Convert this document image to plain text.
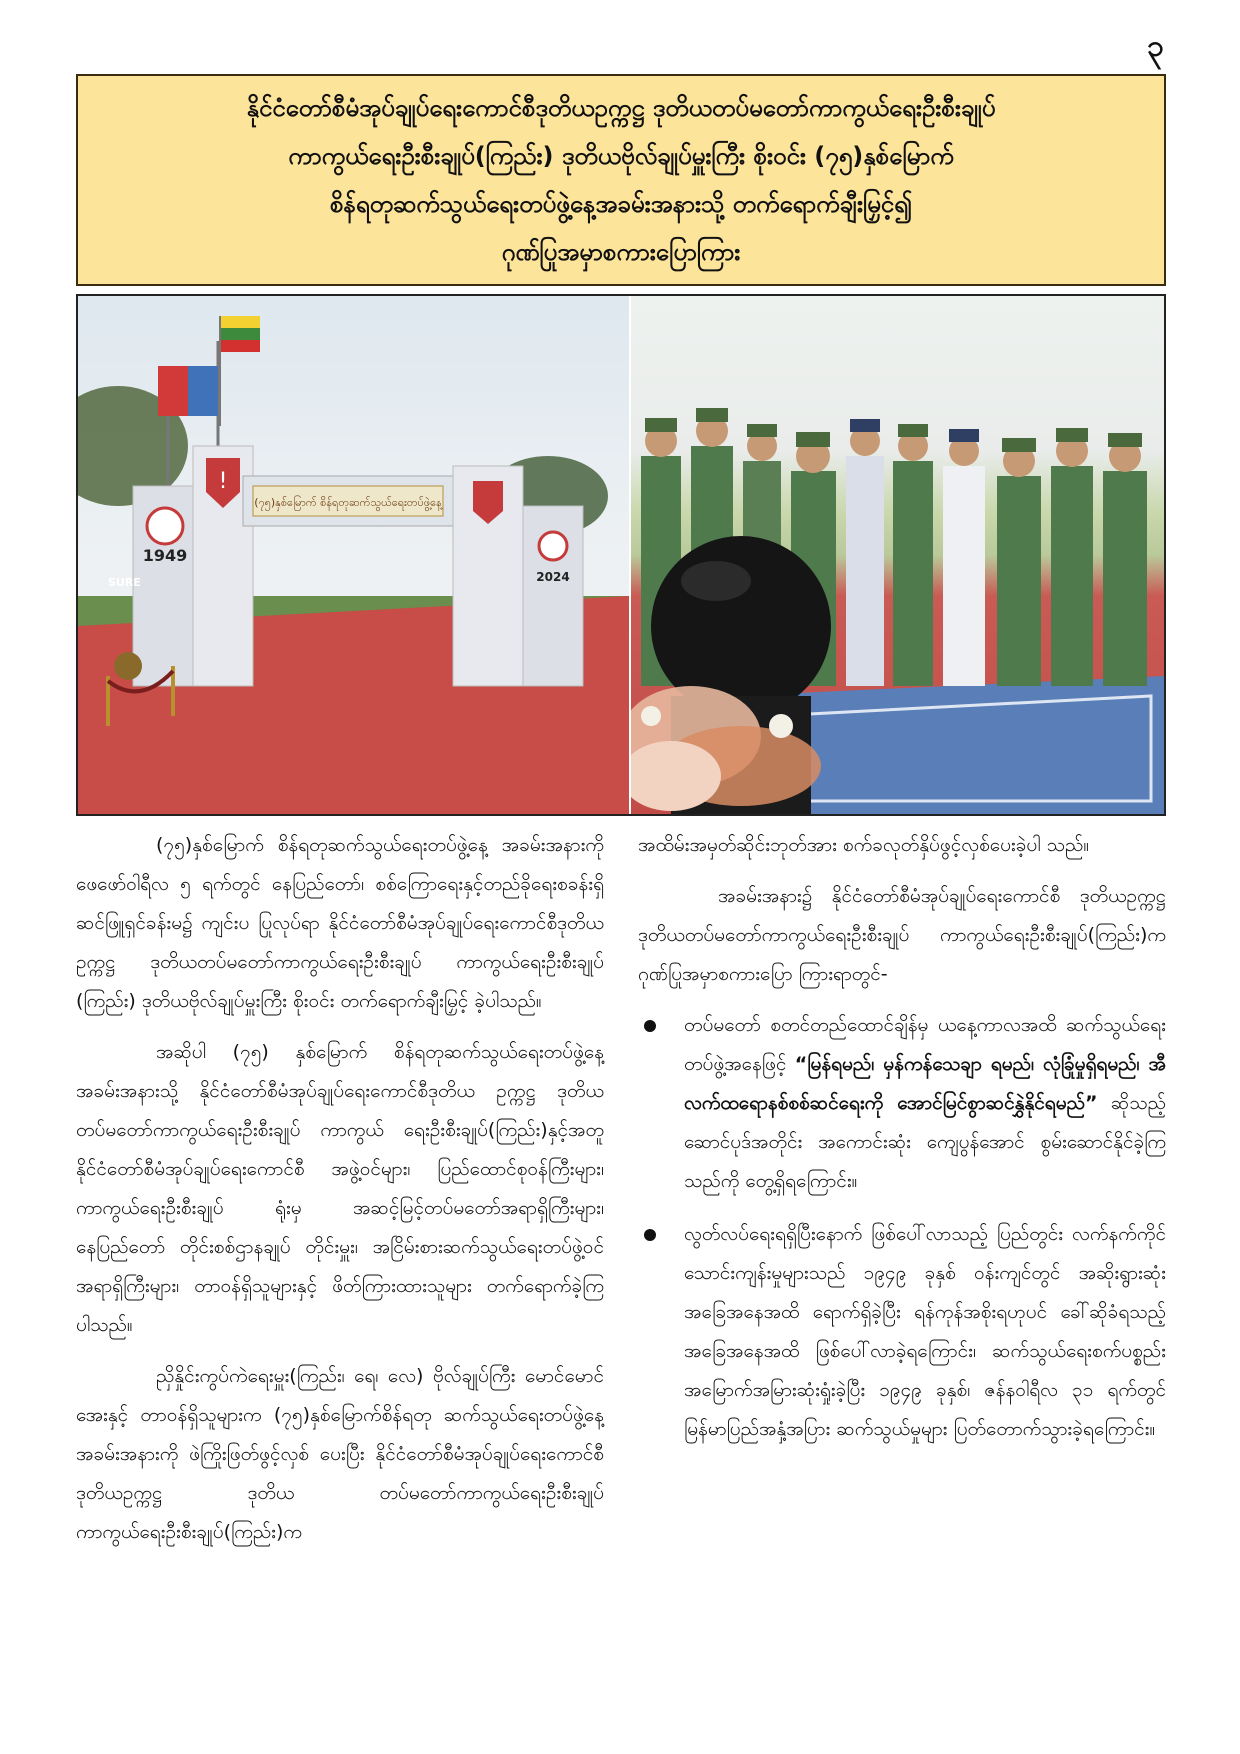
၃
နိုင်ငံတော်စီမံအုပ်ချုပ်ရေးကောင်စီဒုတိယဥက္ကဋ္ဌ ဒုတိယတပ်မတော်ကာကွယ်ရေးဦးစီးချုပ်
ကာကွယ်ရေးဦးစီးချုပ်(ကြည်း) ဒုတိယဗိုလ်ချုပ်မှူးကြီး စိုးဝင်း (၇၅)နှစ်မြောက်
စိန်ရတုဆက်သွယ်ရေးတပ်ဖွဲ့နေ့အခမ်းအနားသို့ တက်ရောက်ချီးမြှင့်၍
ဂုဏ်ပြုအမှာစကားပြောကြား
!
1949
SURE
(၇၅)နှစ်မြောက် စိန်ရတုဆက်သွယ်ရေးတပ်ဖွဲ့နေ့
2024

(၇၅)နှစ်မြောက် စိန်ရတုဆက်သွယ်ရေးတပ်ဖွဲ့နေ့ အခမ်းအနားကို ဖေဖော်ဝါရီလ ၅ ရက်တွင် နေပြည်တော်၊ စစ်ကြောရေးနှင့်တည်ခိုရေးစခန်းရှိ ဆင်ဖြူရှင်ခန်းမ၌ ကျင်းပ ပြုလုပ်ရာ နိုင်ငံတော်စီမံအုပ်ချုပ်ရေးကောင်စီဒုတိယဥက္ကဋ္ဌ ဒုတိယတပ်မတော်ကာကွယ်ရေးဦးစီးချုပ် ကာကွယ်ရေးဦးစီးချုပ် (ကြည်း) ဒုတိယဗိုလ်ချုပ်မှူးကြီး စိုးဝင်း တက်ရောက်ချီးမြှင့် ခဲ့ပါသည်။

အဆိုပါ (၇၅) နှစ်မြောက် စိန်ရတုဆက်သွယ်ရေးတပ်ဖွဲ့နေ့ အခမ်းအနားသို့ နိုင်ငံတော်စီမံအုပ်ချုပ်ရေးကောင်စီဒုတိယ ဥက္ကဋ္ဌ ဒုတိယတပ်မတော်ကာကွယ်ရေးဦးစီးချုပ် ကာကွယ် ရေးဦးစီးချုပ်(ကြည်း)နှင့်အတူ နိုင်ငံတော်စီမံအုပ်ချုပ်ရေးကောင်စီ အဖွဲ့ဝင်များ၊ ပြည်ထောင်စုဝန်ကြီးများ၊ ကာကွယ်ရေးဦးစီးချုပ် ရုံးမှ အဆင့်မြင့်တပ်မတော်အရာရှိကြီးများ၊ နေပြည်တော် တိုင်းစစ်ဌာနချုပ် တိုင်းမှူး၊ အငြိမ်းစားဆက်သွယ်ရေးတပ်ဖွဲ့ဝင် အရာရှိကြီးများ၊ တာဝန်ရှိသူများနှင့် ဖိတ်ကြားထားသူများ တက်ရောက်ခဲ့ကြပါသည်။

ညှိနှိုင်းကွပ်ကဲရေးမှူး(ကြည်း၊ ရေ၊ လေ) ဗိုလ်ချုပ်ကြီး မောင်မောင်အေးနှင့် တာဝန်ရှိသူများက (၇၅)နှစ်မြောက်စိန်ရတု ဆက်သွယ်ရေးတပ်ဖွဲ့နေ့အခမ်းအနားကို ဖဲကြိုးဖြတ်ဖွင့်လှစ် ပေးပြီး နိုင်ငံတော်စီမံအုပ်ချုပ်ရေးကောင်စီဒုတိယဥက္ကဋ္ဌ ဒုတိယ တပ်မတော်ကာကွယ်ရေးဦးစီးချုပ် ကာကွယ်ရေးဦးစီးချုပ်(ကြည်း)က

အထိမ်းအမှတ်ဆိုင်းဘုတ်အား စက်ခလုတ်နှိပ်ဖွင့်လှစ်ပေးခဲ့ပါ သည်။

အခမ်းအနား၌ နိုင်ငံတော်စီမံအုပ်ချုပ်ရေးကောင်စီ ဒုတိယဥက္ကဋ္ဌ ဒုတိယတပ်မတော်ကာကွယ်ရေးဦးစီးချုပ် ကာကွယ်ရေးဦးစီးချုပ်(ကြည်း)က ဂုဏ်ပြုအမှာစကားပြော ကြားရာတွင်-

တပ်မတော် စတင်တည်ထောင်ချိန်မှ ယနေ့ကာလအထိ ဆက်သွယ်ရေးတပ်ဖွဲ့အနေဖြင့် “မြန်ရမည်၊ မှန်ကန်သေချာ ရမည်၊ လုံခြုံမှုရှိရမည်၊ အီလက်ထရောနစ်စစ်ဆင်ရေးကို အောင်မြင်စွာဆင်နွှဲနိုင်ရမည်” ဆိုသည့် ဆောင်ပုဒ်အတိုင်း အကောင်းဆုံး ကျေပွန်အောင် စွမ်းဆောင်နိုင်ခဲ့ကြသည်ကို တွေ့ရှိရကြောင်း။
လွတ်လပ်ရေးရရှိပြီးနောက် ဖြစ်ပေါ်လာသည့် ပြည်တွင်း လက်နက်ကိုင် သောင်းကျန်းမှုများသည် ၁၉၄၉ ခုနှစ် ဝန်းကျင်တွင် အဆိုးရွားဆုံးအခြေအနေအထိ ရောက်ရှိခဲ့ပြီး ရန်ကုန်အစိုးရဟုပင် ခေါ်ဆိုခံရသည့်အခြေအနေအထိ ဖြစ်ပေါ်လာခဲ့ရကြောင်း၊ ဆက်သွယ်ရေးစက်ပစ္စည်း အမြောက်အမြားဆုံးရှုံးခဲ့ပြီး ၁၉၄၉ ခုနှစ်၊ ဇန်နဝါရီလ ၃၁ ရက်တွင် မြန်မာပြည်အနှံ့အပြား ဆက်သွယ်မှုများ ပြတ်တောက်သွားခဲ့ရကြောင်း။
